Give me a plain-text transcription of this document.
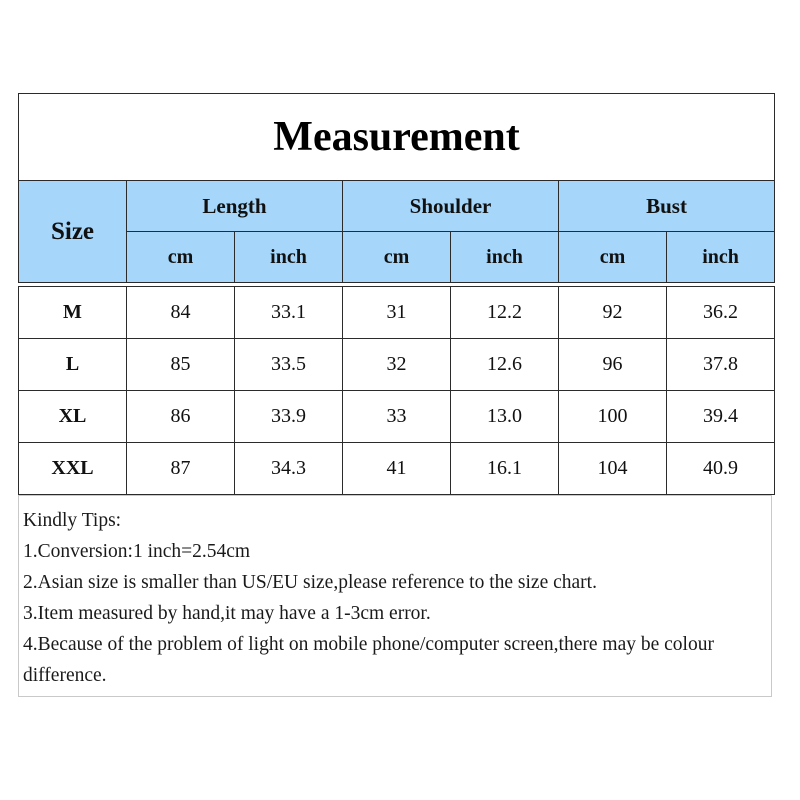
Measurement						
Size	Length		Shoulder		Bust	
	cm	inch	cm	inch	cm	inch

M	84	33.1	31	12.2	92	36.2
L	85	33.5	32	12.6	96	37.8
XL	86	33.9	33	13.0	100	39.4
XXL	87	34.3	41	16.1	104	40.9

Kindly Tips:

1.Conversion:1 inch=2.54cm

2.Asian size is smaller than US/EU size,please reference to the size chart.

3.Item measured by hand,it may have a 1-3cm error.

4.Because of the problem of light on mobile phone/computer screen,there may be colour difference.
